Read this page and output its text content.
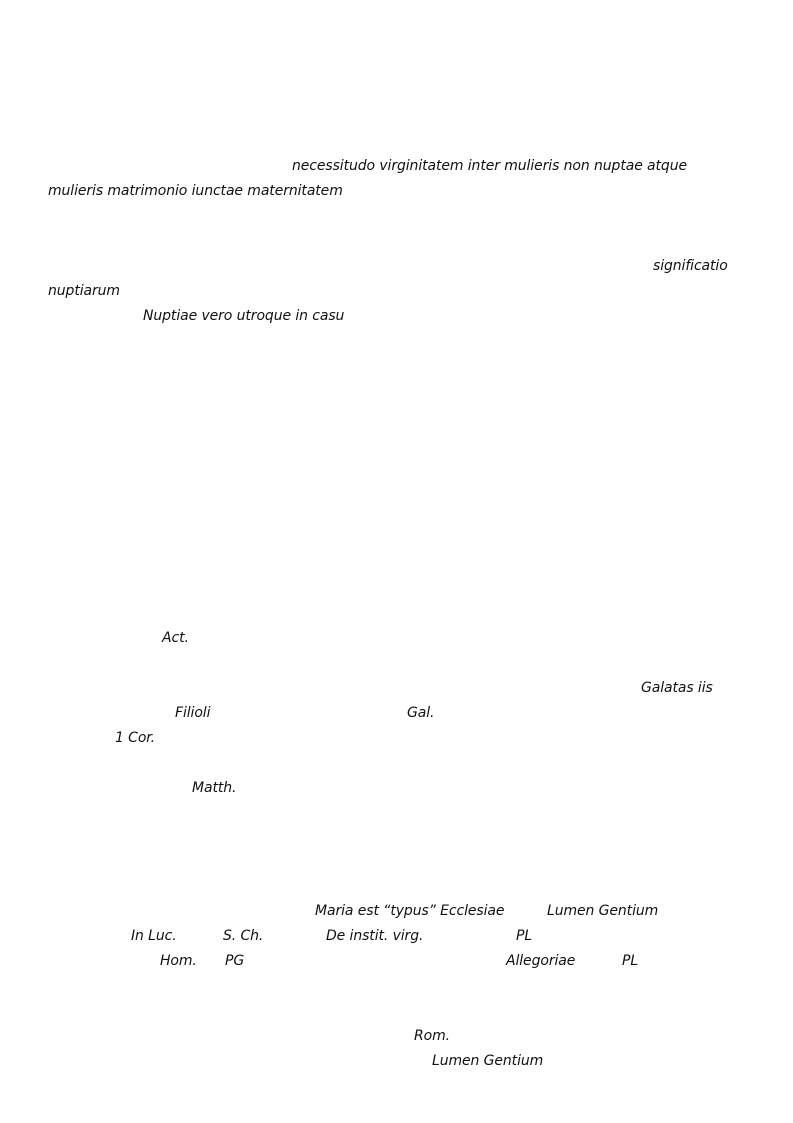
necessitudo virginitatem inter mulieris non nuptae atque
mulieris matrimonio iunctae maternitatem
significatio
nuptiarum
Nuptiae vero utroque in casu
Act.
Galatas iis
Filioli	Gal.
1 Cor.
Matth.
Maria est “typus” Ecclesiae	Lumen Gentium
In Luc.	S. Ch.	De instit. virg.	PL
Hom. PG	Allegoriae	PL
Rom.
Lumen Gentium
